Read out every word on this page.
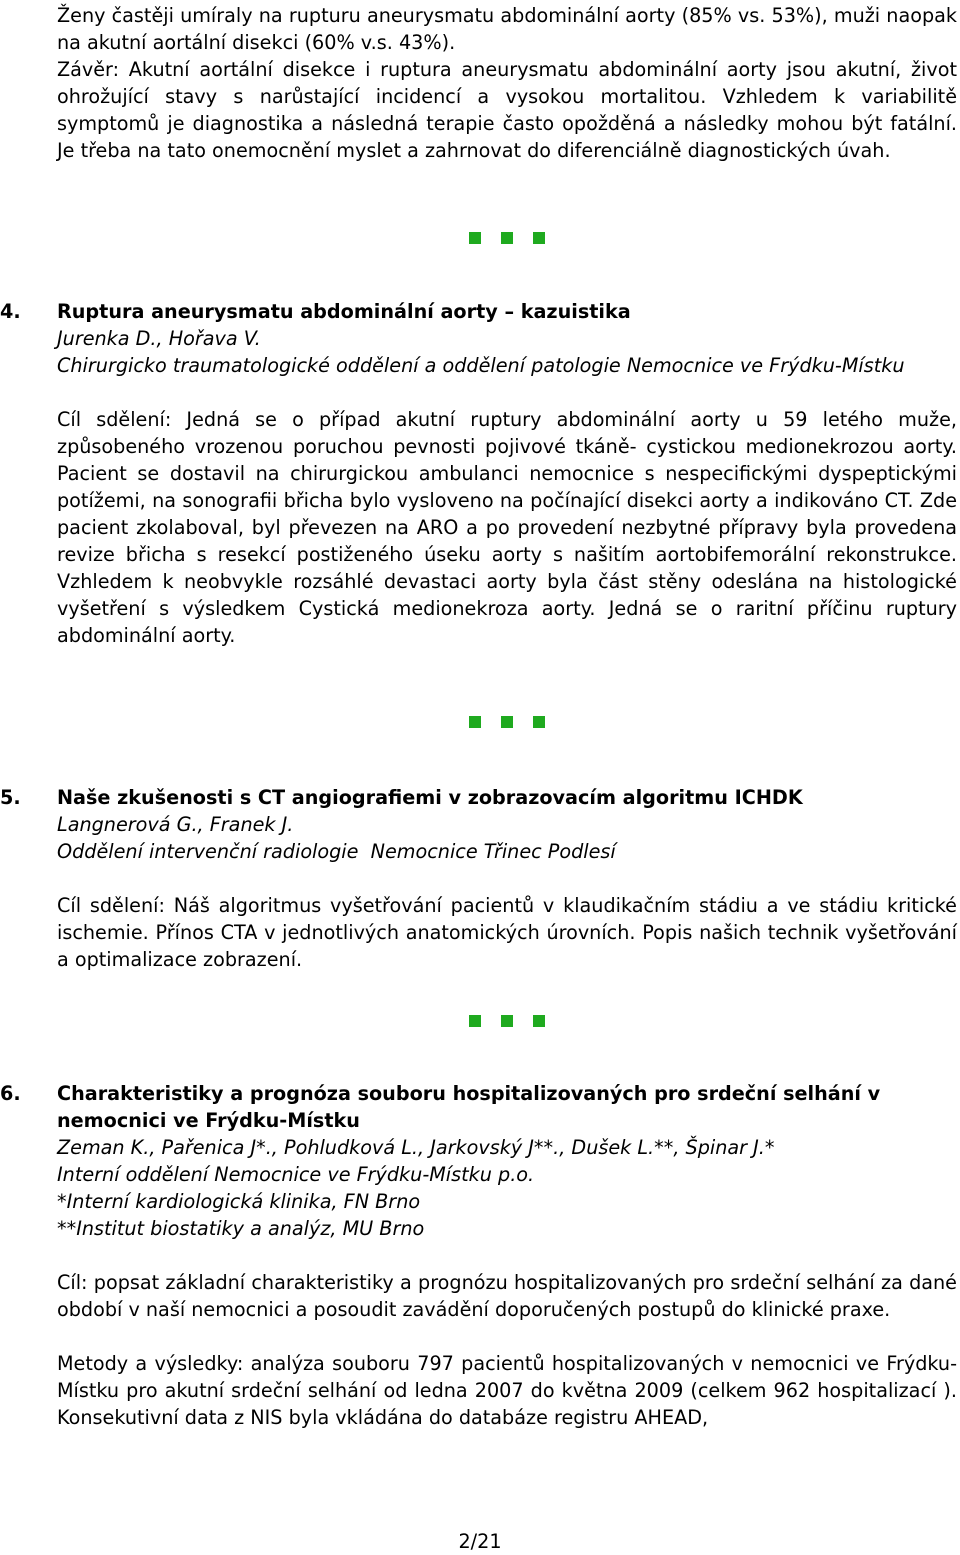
Ženy častěji umíraly na rupturu aneurysmatu abdominální aorty (85% vs. 53%), muži naopak na akutní aortální disekci (60% v.s. 43%).

Závěr: Akutní aortální disekce i ruptura aneurysmatu abdominální aorty jsou akutní, život ohrožující stavy s narůstající incidencí a vysokou mortalitou. Vzhledem k variabilitě symptomů je diagnostika a následná terapie často opožděná a následky mohou být fatální. Je třeba na tato onemocnění myslet a zahrnovat do diferenciálně diagnostických úvah.

4.	Ruptura aneurysmatu abdominální aorty – kazuistika

Jurenka D., Hořava V.

Chirurgicko traumatologické oddělení a oddělení patologie Nemocnice ve Frýdku-Místku

Cíl sdělení: Jedná se o případ akutní ruptury abdominální aorty u 59 letého muže, způsobeného vrozenou poruchou pevnosti pojivové tkáně- cystickou medionekrozou aorty. Pacient se dostavil na chirurgickou ambulanci nemocnice s nespecifickými dyspeptickými potížemi, na sonografii břicha bylo vysloveno na počínající disekci aorty a indikováno CT. Zde pacient zkolaboval, byl převezen na ARO a po provedení nezbytné přípravy byla provedena revize břicha s resekcí postiženého úseku aorty s našitím aortobifemorální rekonstrukce. Vzhledem k neobvykle rozsáhlé devastaci aorty byla část stěny odeslána na histologické vyšetření s výsledkem Cystická medionekroza aorty. Jedná se o raritní příčinu ruptury abdominální aorty.

5.	Naše zkušenosti s CT angiografiemi v zobrazovacím algoritmu ICHDK

Langnerová G., Franek J.

Oddělení intervenční radiologie  Nemocnice Třinec Podlesí

Cíl sdělení: Náš algoritmus vyšetřování pacientů v klaudikačním stádiu a ve stádiu kritické ischemie. Přínos CTA v jednotlivých anatomických úrovních. Popis našich technik vyšetřování a optimalizace zobrazení.

6.	Charakteristiky a prognóza souboru hospitalizovaných pro srdeční selhání v nemocnici ve Frýdku-Místku

Zeman K., Pařenica J*., Pohludková L., Jarkovský J**., Dušek L.**, Špinar J.*

Interní oddělení Nemocnice ve Frýdku-Místku p.o.

*Interní kardiologická klinika, FN Brno

**Institut biostatiky a analýz, MU Brno

Cíl: popsat základní charakteristiky a prognózu hospitalizovaných pro srdeční selhání za dané období v naší nemocnici a posoudit zavádění doporučených postupů do klinické praxe.

Metody a výsledky: analýza souboru 797 pacientů hospitalizovaných v nemocnici ve Frýdku-Místku pro akutní srdeční selhání od ledna 2007 do května 2009 (celkem 962 hospitalizací ). Konsekutivní data z NIS byla vkládána do databáze registru AHEAD,

2/21
